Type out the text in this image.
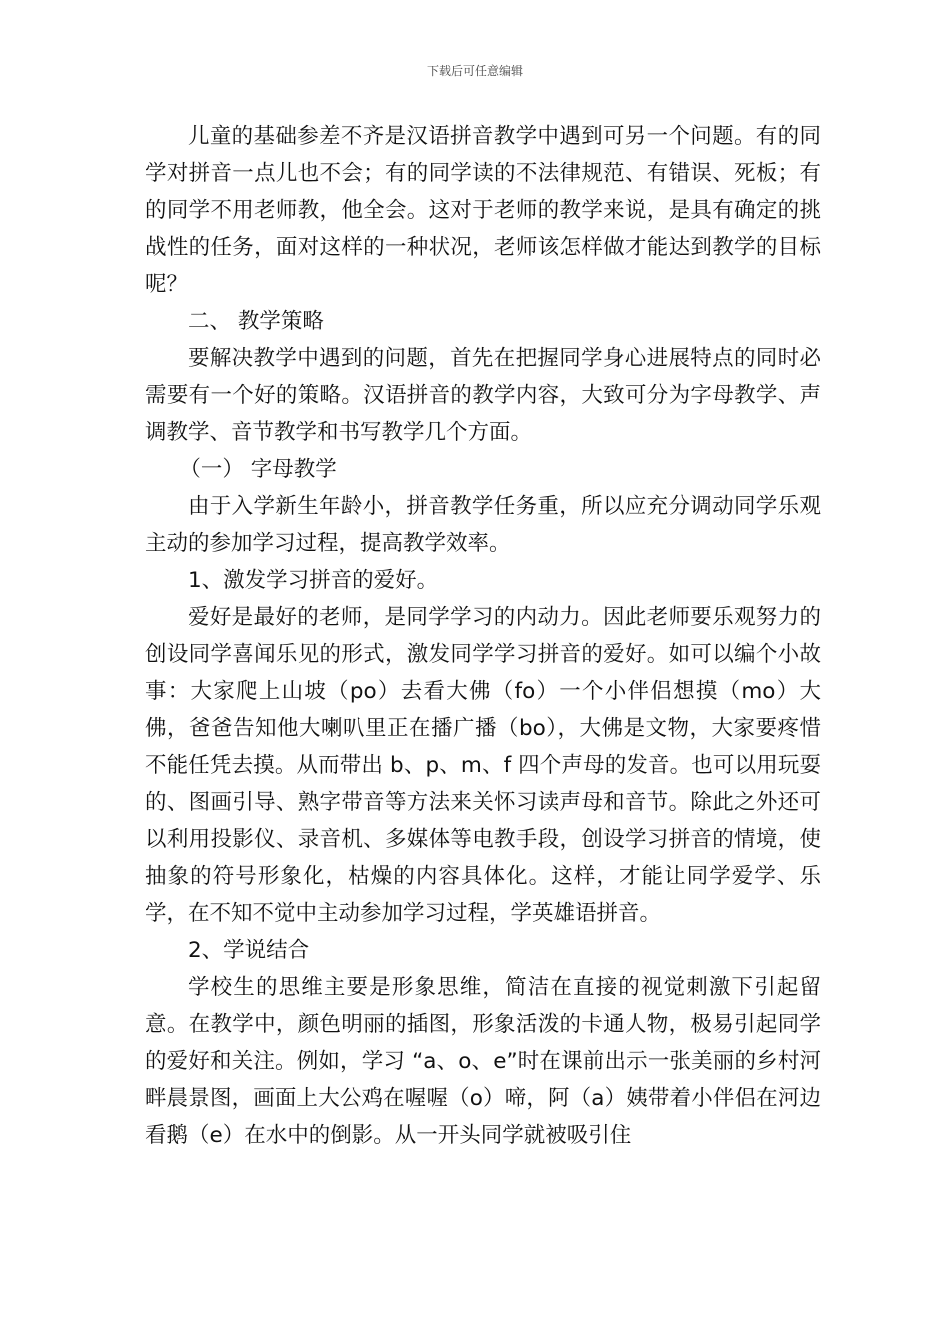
下载后可任意编辑

儿童的基础参差不齐是汉语拼音教学中遇到可另一个问题。有的同学对拼音一点儿也不会；有的同学读的不法律规范、有错误、死板；有的同学不用老师教，他全会。这对于老师的教学来说，是具有确定的挑战性的任务，面对这样的一种状况，老师该怎样做才能达到教学的目标呢？

二、 教学策略

要解决教学中遇到的问题，首先在把握同学身心进展特点的同时必需要有一个好的策略。汉语拼音的教学内容，大致可分为字母教学、声调教学、音节教学和书写教学几个方面。

（一） 字母教学

由于入学新生年龄小，拼音教学任务重，所以应充分调动同学乐观主动的参加学习过程，提高教学效率。

1、激发学习拼音的爱好。

爱好是最好的老师，是同学学习的内动力。因此老师要乐观努力的创设同学喜闻乐见的形式，激发同学学习拼音的爱好。如可以编个小故事：大家爬上山坡（po）去看大佛（fo）一个小伴侣想摸（mo）大佛，爸爸告知他大喇叭里正在播广播（bo），大佛是文物，大家要疼惜不能任凭去摸。从而带出 b、p、m、f 四个声母的发音。也可以用玩耍的、图画引导、熟字带音等方法来关怀习读声母和音节。除此之外还可以利用投影仪、录音机、多媒体等电教手段，创设学习拼音的情境，使抽象的符号形象化，枯燥的内容具体化。这样，才能让同学爱学、乐学，在不知不觉中主动参加学习过程，学英雄语拼音。

2、学说结合

学校生的思维主要是形象思维，简洁在直接的视觉刺激下引起留意。在教学中，颜色明丽的插图，形象活泼的卡通人物，极易引起同学的爱好和关注。例如，学习 “a、o、e”时在课前出示一张美丽的乡村河畔晨景图，画面上大公鸡在喔喔（o）啼，阿（a）姨带着小伴侣在河边看鹅（e）在水中的倒影。从一开头同学就被吸引住
